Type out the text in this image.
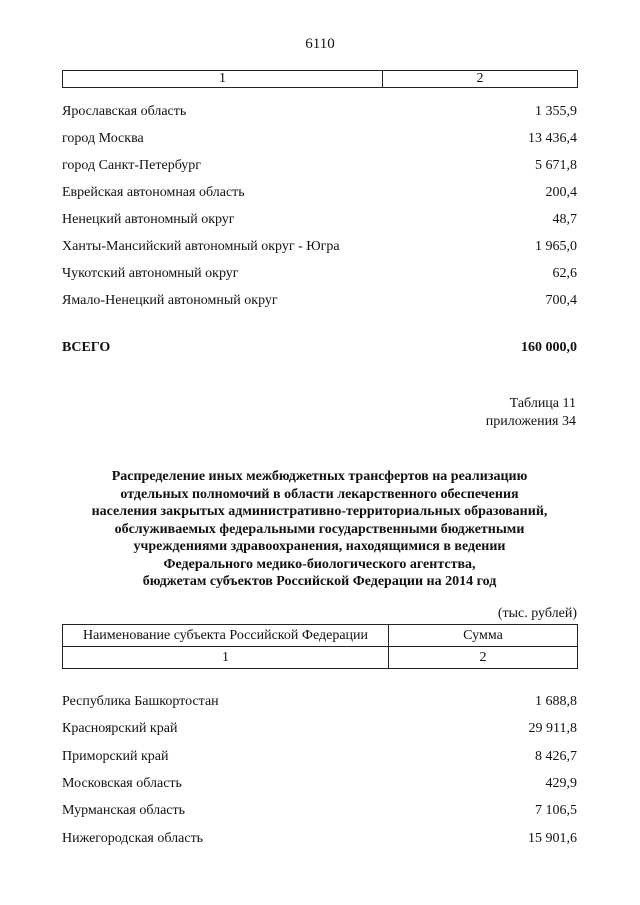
6110
1	2
Ярославская область	1 355,9
город Москва	13 436,4
город Санкт-Петербург	5 671,8
Еврейская автономная область	200,4
Ненецкий автономный округ	48,7
Ханты-Мансийский автономный округ - Югра	1 965,0
Чукотский автономный округ	62,6
Ямало-Ненецкий автономный округ	700,4
ВСЕГО	160 000,0
Таблица 11
приложения 34
Распределение иных межбюджетных трансфертов на реализацию
отдельных полномочий в области лекарственного обеспечения
населения закрытых административно-территориальных образований,
обслуживаемых федеральными государственными бюджетными
учреждениями здравоохранения, находящимися в ведении
Федерального медико-биологического агентства,
бюджетам субъектов Российской Федерации на 2014 год
(тыс. рублей)
Наименование субъекта Российской Федерации	Сумма
1	2
Республика Башкортостан	1 688,8
Красноярский край	29 911,8
Приморский край	8 426,7
Московская область	429,9
Мурманская область	7 106,5
Нижегородская область	15 901,6
